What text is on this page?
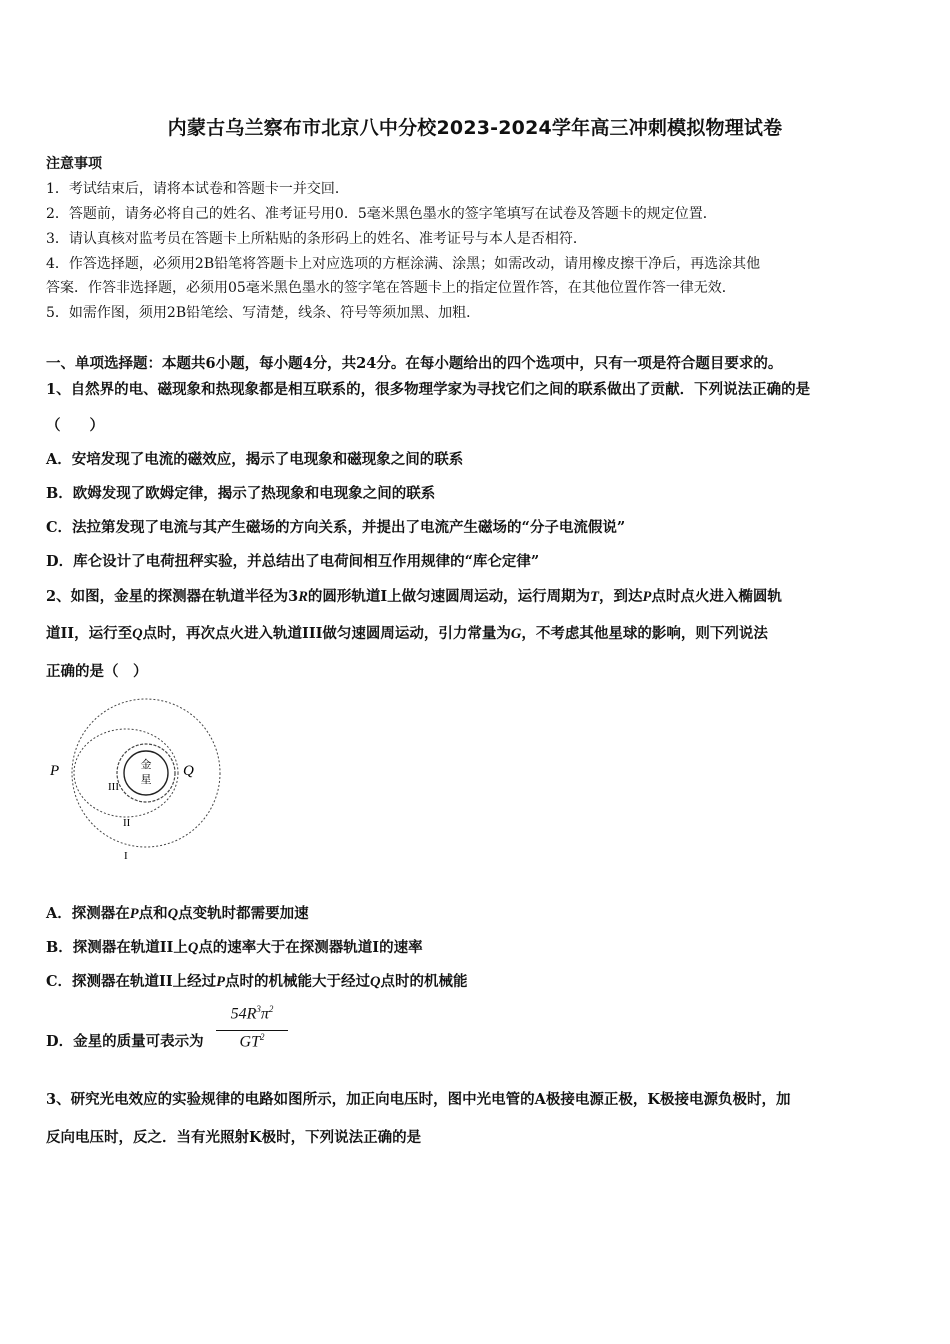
内蒙古乌兰察布市北京八中分校2023-2024学年高三冲刺模拟物理试卷
注意事项
1．考试结束后，请将本试卷和答题卡一并交回．
2．答题前，请务必将自己的姓名、准考证号用0．5毫米黑色墨水的签字笔填写在试卷及答题卡的规定位置．
3．请认真核对监考员在答题卡上所粘贴的条形码上的姓名、准考证号与本人是否相符．
4．作答选择题，必须用2B铅笔将答题卡上对应选项的方框涂满、涂黑；如需改动，请用橡皮擦干净后，再选涂其他
答案．作答非选择题，必须用05毫米黑色墨水的签字笔在答题卡上的指定位置作答，在其他位置作答一律无效．
5．如需作图，须用2B铅笔绘、写清楚，线条、符号等须加黑、加粗．
一、单项选择题：本题共6小题，每小题4分，共24分。在每小题给出的四个选项中，只有一项是符合题目要求的。
1、自然界的电、磁现象和热现象都是相互联系的，很多物理学家为寻找它们之间的联系做出了贡献．下列说法正确的是
（　　）
A．安培发现了电流的磁效应，揭示了电现象和磁现象之间的联系
B．欧姆发现了欧姆定律，揭示了热现象和电现象之间的联系
C．法拉第发现了电流与其产生磁场的方向关系，并提出了电流产生磁场的“分子电流假说”
D．库仑设计了电荷扭秤实验，并总结出了电荷间相互作用规律的“库仑定律”
2、如图，金星的探测器在轨道半径为3R的圆形轨道I上做匀速圆周运动，运行周期为T，到达P点时点火进入椭圆轨
道II，运行至Q点时，再次点火进入轨道III做匀速圆周运动，引力常量为G，不考虑其他星球的影响，则下列说法
正确的是（　）
金
星
P	Q
III
II
I
A．探测器在P点和Q点变轨时都需要加速
B．探测器在轨道II上Q点的速率大于在探测器轨道I的速率
C．探测器在轨道II上经过P点时的机械能大于经过Q点时的机械能
D．金星的质量可表示为
$54R^3\pi^2$
$GT^2$
3、研究光电效应的实验规律的电路如图所示，加正向电压时，图中光电管的A极接电源正极，K极接电源负极时，加
反向电压时，反之．当有光照射K极时，下列说法正确的是
